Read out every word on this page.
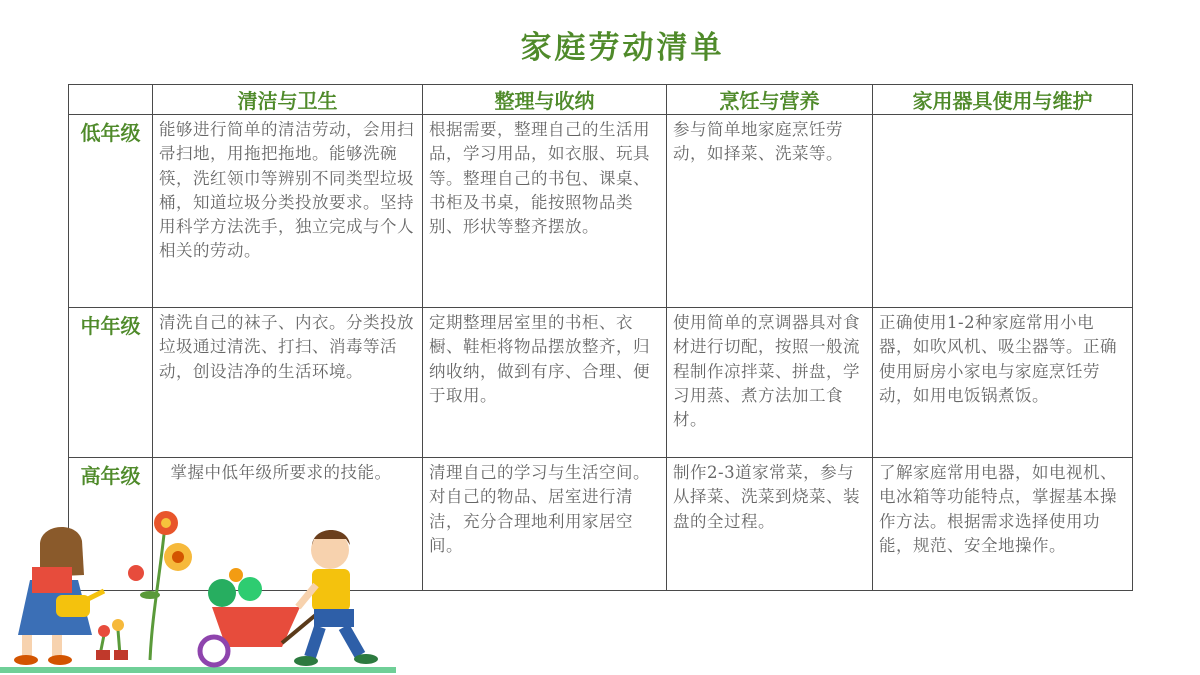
家庭劳动清单
	清洁与卫生	整理与收纳	烹饪与营养	家用器具使用与维护
低年级	能够进行简单的清洁劳动，会用扫帚扫地，用拖把拖地。能够洗碗筷，洗红领巾等辨别不同类型垃圾桶，知道垃圾分类投放要求。坚持用科学方法洗手，独立完成与个人相关的劳动。	根据需要，整理自己的生活用品，学习用品，如衣服、玩具等。整理自己的书包、课桌、书柜及书桌，能按照物品类别、形状等整齐摆放。	参与简单地家庭烹饪劳动，如择菜、洗菜等。	
中年级	清洗自己的袜子、内衣。分类投放垃圾通过清洗、打扫、消毒等活动，创设洁净的生活环境。	定期整理居室里的书柜、衣橱、鞋柜将物品摆放整齐，归纳收纳，做到有序、合理、便于取用。	使用简单的烹调器具对食材进行切配，按照一般流程制作凉拌菜、拼盘，学习用蒸、煮方法加工食材。	正确使用1-2种家庭常用小电器，如吹风机、吸尘器等。正确使用厨房小家电与家庭烹饪劳动，如用电饭锅煮饭。
高年级	掌握中低年级所要求的技能。	清理自己的学习与生活空间。对自己的物品、居室进行清洁，充分合理地利用家居空间。	制作2-3道家常菜，参与从择菜、洗菜到烧菜、装盘的全过程。	了解家庭常用电器，如电视机、电冰箱等功能特点，掌握基本操作方法。根据需求选择使用功能，规范、安全地操作。
